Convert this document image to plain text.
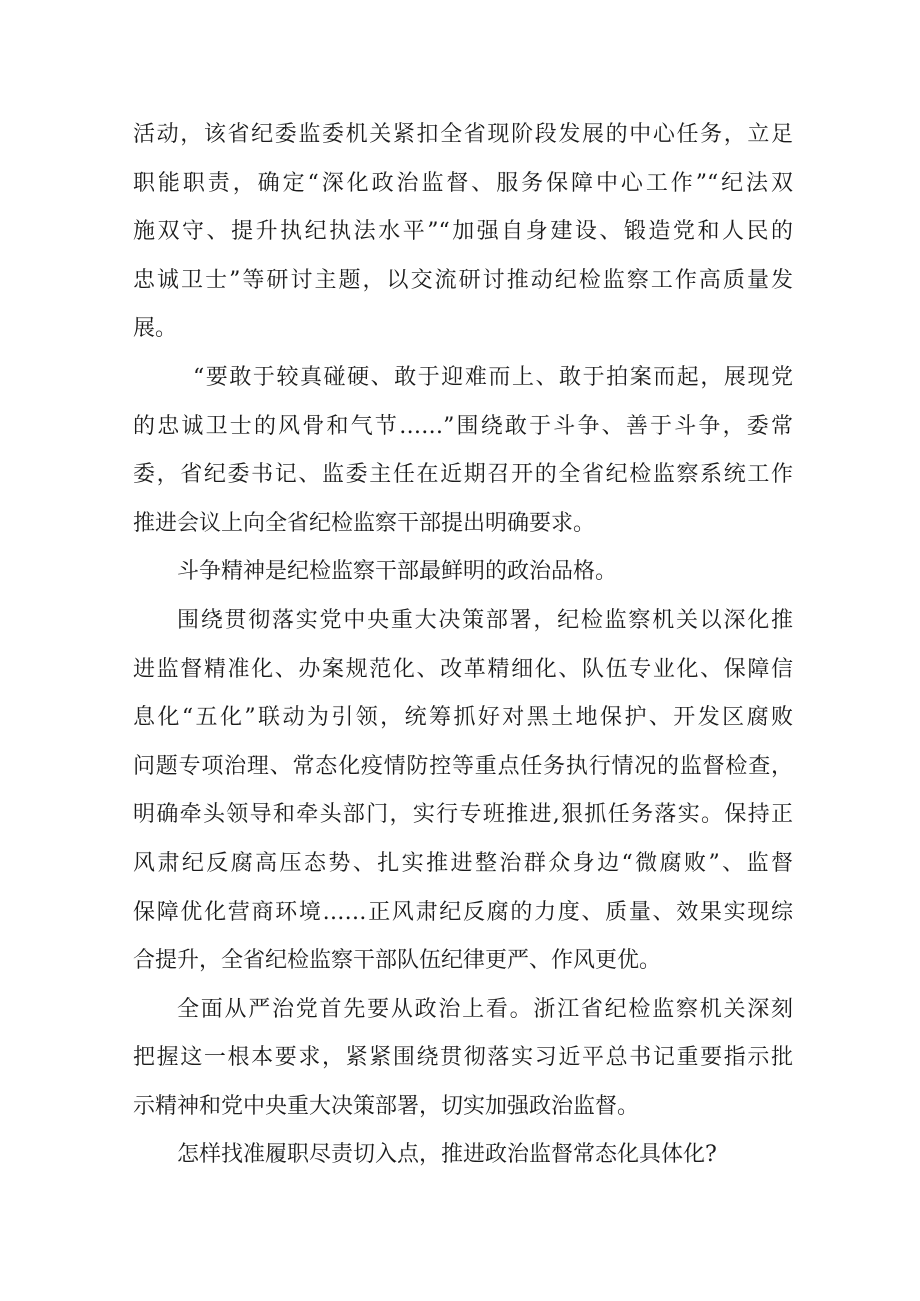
活动，该省纪委监委机关紧扣全省现阶段发展的中心任务，立足
职能职责，确定“深化政治监督、服务保障中心工作”“纪法双
施双守、提升执纪执法水平”“加强自身建设、锻造党和人民的
忠诚卫士”等研讨主题，以交流研讨推动纪检监察工作高质量发
展。
“要敢于较真碰硬、敢于迎难而上、敢于拍案而起，展现党
的忠诚卫士的风骨和气节……”围绕敢于斗争、善于斗争，委常
委，省纪委书记、监委主任在近期召开的全省纪检监察系统工作
推进会议上向全省纪检监察干部提出明确要求。
斗争精神是纪检监察干部最鲜明的政治品格。
围绕贯彻落实党中央重大决策部署，纪检监察机关以深化推
进监督精准化、办案规范化、改革精细化、队伍专业化、保障信
息化“五化”联动为引领，统筹抓好对黑土地保护、开发区腐败
问题专项治理、常态化疫情防控等重点任务执行情况的监督检查，
明确牵头领导和牵头部门，实行专班推进,狠抓任务落实。保持正
风肃纪反腐高压态势、扎实推进整治群众身边“微腐败”、监督
保障优化营商环境……正风肃纪反腐的力度、质量、效果实现综
合提升，全省纪检监察干部队伍纪律更严、作风更优。
全面从严治党首先要从政治上看。浙江省纪检监察机关深刻
把握这一根本要求，紧紧围绕贯彻落实习近平总书记重要指示批
示精神和党中央重大决策部署，切实加强政治监督。
怎样找准履职尽责切入点，推进政治监督常态化具体化?
